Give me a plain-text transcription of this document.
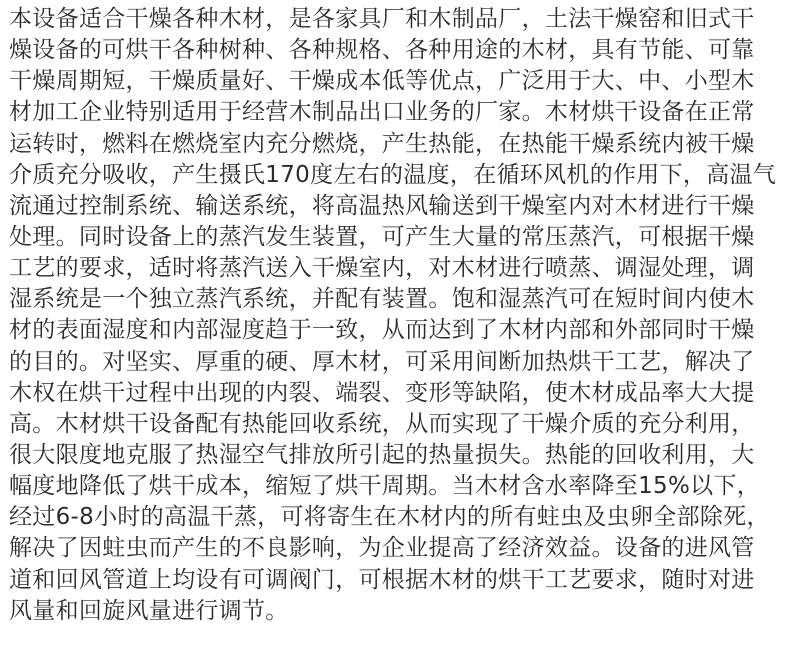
本设备适合干燥各种木材，是各家具厂和木制品厂，土法干燥窑和旧式干
燥设备的可烘干各种树种、各种规格、各种用途的木材，具有节能、可靠
干燥周期短，干燥质量好、干燥成本低等优点，广泛用于大、中、小型木
材加工企业特别适用于经营木制品出口业务的厂家。木材烘干设备在正常
运转时，燃料在燃烧室内充分燃烧，产生热能，在热能干燥系统内被干燥
介质充分吸收，产生摄氏170度左右的温度，在循环风机的作用下，高温气
流通过控制系统、输送系统，将高温热风输送到干燥室内对木材进行干燥
处理。同时设备上的蒸汽发生装置，可产生大量的常压蒸汽，可根据干燥
工艺的要求，适时将蒸汽送入干燥室内，对木材进行喷蒸、调湿处理，调
湿系统是一个独立蒸汽系统，并配有装置。饱和湿蒸汽可在短时间内使木
材的表面湿度和内部湿度趋于一致，从而达到了木材内部和外部同时干燥
的目的。对坚实、厚重的硬、厚木材，可采用间断加热烘干工艺，解决了
木权在烘干过程中出现的内裂、端裂、变形等缺陷，使木材成品率大大提
高。木材烘干设备配有热能回收系统，从而实现了干燥介质的充分利用，
很大限度地克服了热湿空气排放所引起的热量损失。热能的回收利用，大
幅度地降低了烘干成本，缩短了烘干周期。当木材含水率降至15%以下，
经过6-8小时的高温干蒸，可将寄生在木材内的所有蛀虫及虫卵全部除死，
解决了因蛀虫而产生的不良影响，为企业提高了经济效益。设备的进风管
道和回风管道上均设有可调阀门，可根据木材的烘干工艺要求，随时对进
风量和回旋风量进行调节。
